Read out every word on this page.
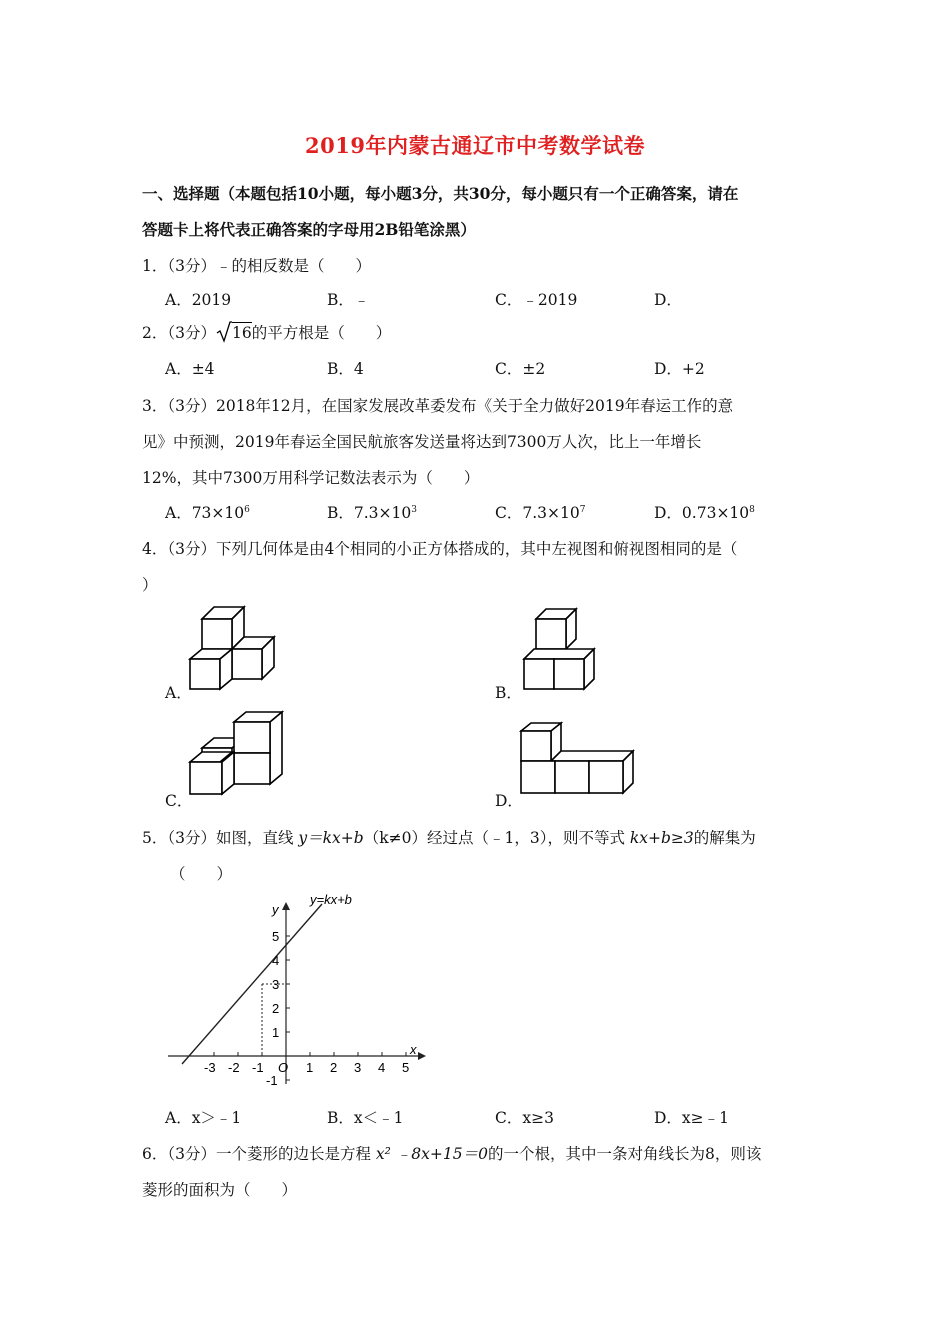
2019年内蒙古通辽市中考数学试卷
一、选择题（本题包括10小题，每小题3分，共30分，每小题只有一个正确答案，请在
答题卡上将代表正确答案的字母用2B铅笔涂黑）
1．（3分）﹣的相反数是（　　）
A．2019	B．﹣	C．﹣2019	D．
2．（3分） 16的平方根是（　　）
A．±4	B．4	C．±2	D．+2
3．（3分）2018年12月，在国家发展改革委发布《关于全力做好2019年春运工作的意
见》中预测，2019年春运全国民航旅客发送量将达到7300万人次，比上一年增长
12%，其中7300万用科学记数法表示为（　　）
A．$73\times 10^6$	B．$7.3\times 10^3$	C．$7.3\times 10^7$	D．$0.73\times 10^8$
4．（3分）下列几何体是由4个相同的小正方体搭成的，其中左视图和俯视图相同的是（
）
A．	B．
C．	D．
5．（3分）如图，直线 y＝kx+b（k≠0）经过点（﹣1，3），则不等式 kx+b≥3的解集为
（　　）
y=kx+b
y
x
O
-3 -2 -1	1 2 3 4 5
5
4
3
2
1
-1
A．x＞﹣1	B．x＜﹣1	C．x≥3	D．x≥﹣1
6．（3分）一个菱形的边长是方程 x² ﹣8x+15＝0的一个根，其中一条对角线长为8，则该
菱形的面积为（　　）
